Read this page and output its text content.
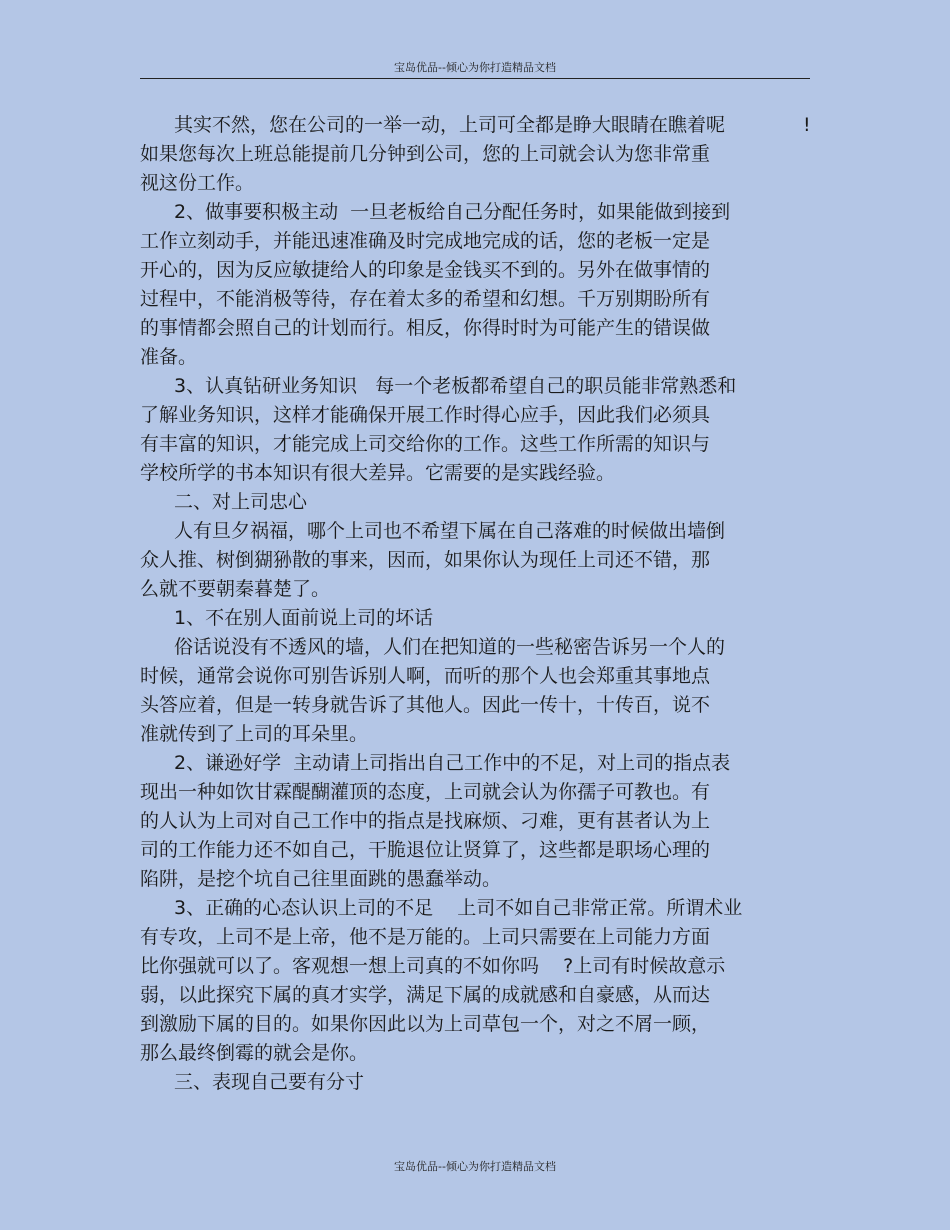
宝岛优品--倾心为你打造精品文档
!
其实不然，您在公司的一举一动，上司可全都是睁大眼睛在瞧着呢
如果您每次上班总能提前几分钟到公司，您的上司就会认为您非常重
视这份工作。
2、做事要积极主动  一旦老板给自己分配任务时，如果能做到接到
工作立刻动手，并能迅速准确及时完成地完成的话，您的老板一定是
开心的，因为反应敏捷给人的印象是金钱买不到的。另外在做事情的
过程中，不能消极等待，存在着太多的希望和幻想。千万别期盼所有
的事情都会照自己的计划而行。相反，你得时时为可能产生的错误做
准备。
3、认真钻研业务知识   每一个老板都希望自己的职员能非常熟悉和
了解业务知识，这样才能确保开展工作时得心应手，因此我们必须具
有丰富的知识，才能完成上司交给你的工作。这些工作所需的知识与
学校所学的书本知识有很大差异。它需要的是实践经验。
二、对上司忠心
人有旦夕祸福，哪个上司也不希望下属在自己落难的时候做出墙倒
众人推、树倒猢狲散的事来，因而，如果你认为现任上司还不错，那
么就不要朝秦暮楚了。
1、不在别人面前说上司的坏话
俗话说没有不透风的墙，人们在把知道的一些秘密告诉另一个人的
时候，通常会说你可别告诉别人啊，而听的那个人也会郑重其事地点
头答应着，但是一转身就告诉了其他人。因此一传十，十传百，说不
准就传到了上司的耳朵里。
2、谦逊好学  主动请上司指出自己工作中的不足，对上司的指点表
现出一种如饮甘霖醍醐灌顶的态度，上司就会认为你孺子可教也。有
的人认为上司对自己工作中的指点是找麻烦、刁难，更有甚者认为上
司的工作能力还不如自己，干脆退位让贤算了，这些都是职场心理的
陷阱，是挖个坑自己往里面跳的愚蠢举动。
3、正确的心态认识上司的不足    上司不如自己非常正常。所谓术业
有专攻，上司不是上帝，他不是万能的。上司只需要在上司能力方面
比你强就可以了。客观想一想上司真的不如你吗    ?上司有时候故意示
弱，以此探究下属的真才实学，满足下属的成就感和自豪感，从而达
到激励下属的目的。如果你因此以为上司草包一个，对之不屑一顾，
那么最终倒霉的就会是你。
三、表现自己要有分寸
宝岛优品--倾心为你打造精品文档
